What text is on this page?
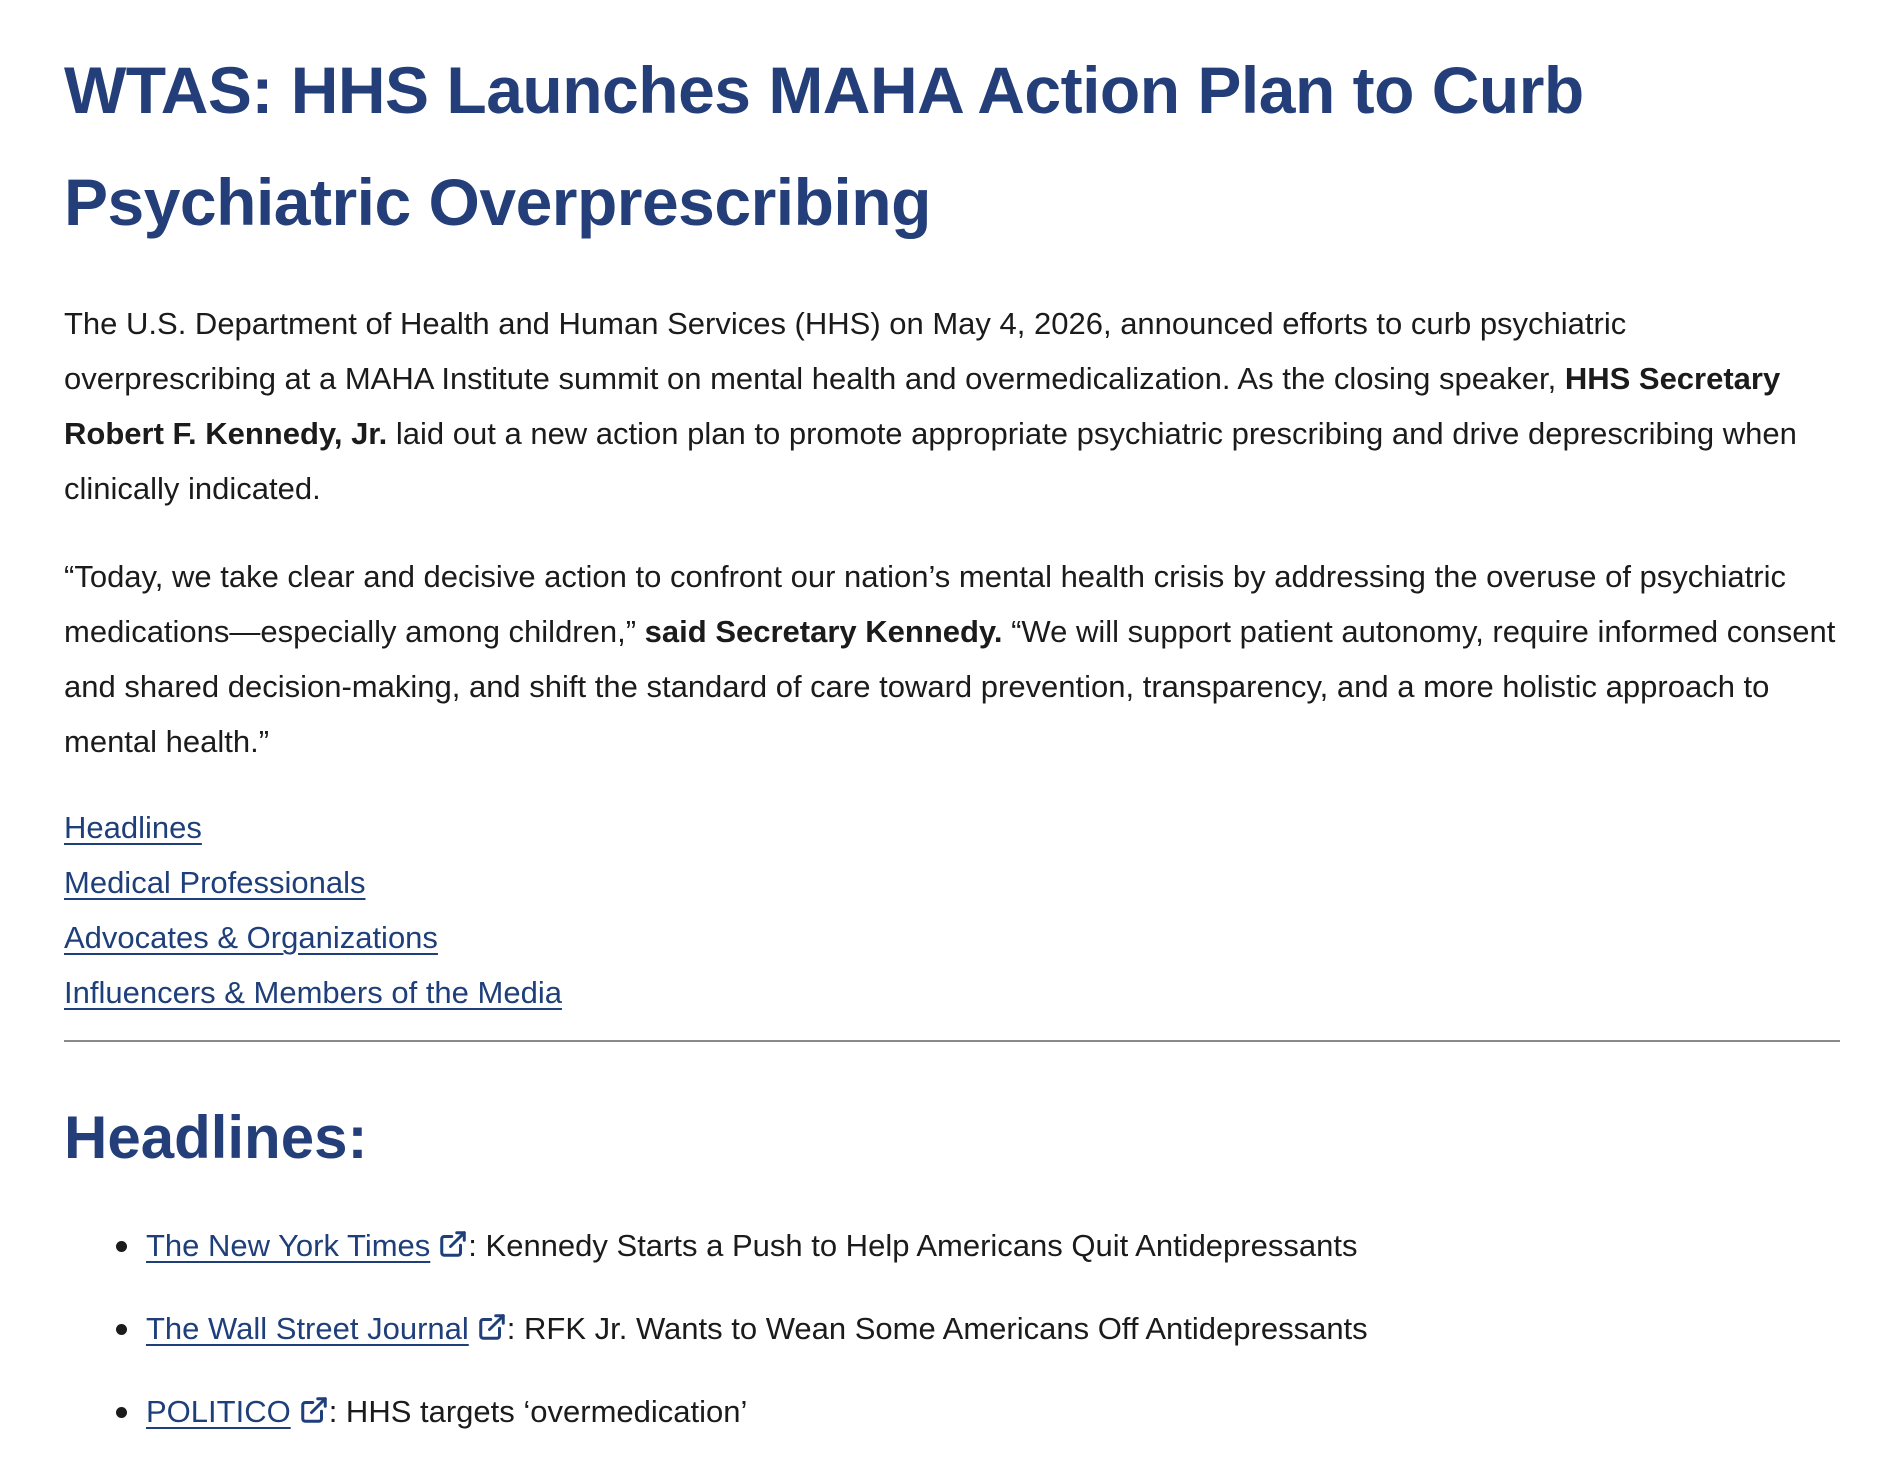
WTAS: HHS Launches MAHA Action Plan to Curb Psychiatric Overprescribing

The U.S. Department of Health and Human Services (HHS) on May 4, 2026, announced efforts to curb psychiatric overprescribing at a MAHA Institute summit on mental health and overmedicalization. As the closing speaker, HHS Secretary Robert F. Kennedy, Jr. laid out a new action plan to promote appropriate psychiatric prescribing and drive deprescribing when clinically indicated.

“Today, we take clear and decisive action to confront our nation’s mental health crisis by addressing the overuse of psychiatric medications—especially among children,” said Secretary Kennedy. “We will support patient autonomy, require informed consent and shared decision-making, and shift the standard of care toward prevention, transparency, and a more holistic approach to mental health.”

Headlines
Medical Professionals
Advocates & Organizations
Influencers & Members of the Media
Headlines:
The New York Times : Kennedy Starts a Push to Help Americans Quit Antidepressants
The Wall Street Journal : RFK Jr. Wants to Wean Some Americans Off Antidepressants
POLITICO : HHS targets ‘overmedication’
